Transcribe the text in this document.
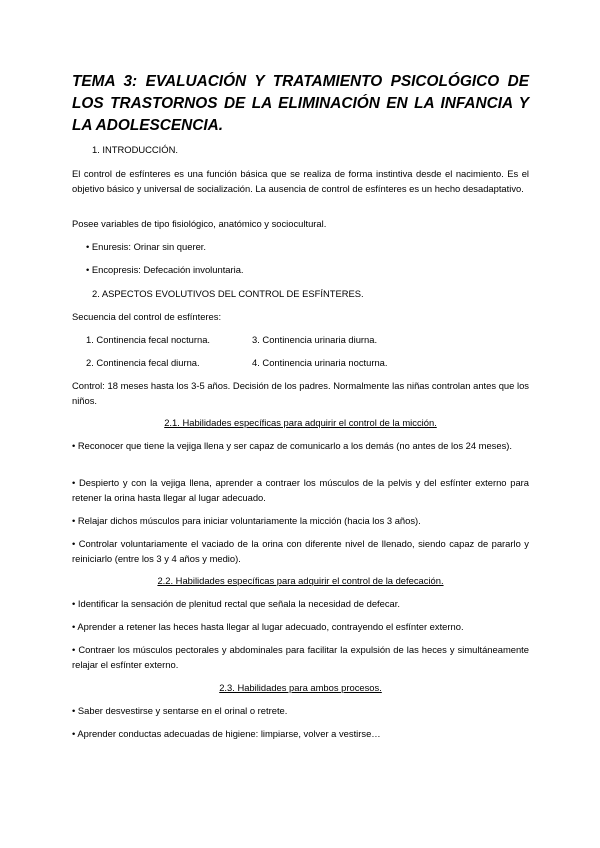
TEMA 3: EVALUACIÓN Y TRATAMIENTO PSICOLÓGICO DE LOS TRASTORNOS DE LA ELIMINACIÓN EN LA INFANCIA Y LA ADOLESCENCIA.
1. INTRODUCCIÓN.
El control de esfínteres es una función básica que se realiza de forma instintiva desde el nacimiento. Es el objetivo básico y universal de socialización. La ausencia de control de esfínteres es un hecho desadaptativo.
Posee variables de tipo fisiológico, anatómico y sociocultural.
• Enuresis: Orinar sin querer.
• Encopresis: Defecación involuntaria.
2. ASPECTOS EVOLUTIVOS DEL CONTROL DE ESFÍNTERES.
Secuencia del control de esfínteres:
1. Continencia fecal nocturna.	3. Continencia urinaria diurna.
2. Continencia fecal diurna.	4. Continencia urinaria nocturna.
Control: 18 meses hasta los 3-5 años. Decisión de los padres. Normalmente las niñas controlan antes que los niños.
2.1. Habilidades específicas para adquirir el control de la micción.
• Reconocer que tiene la vejiga llena y ser capaz de comunicarlo a los demás (no antes de los 24 meses).
• Despierto y con la vejiga llena, aprender a contraer los músculos de la pelvis y del esfínter externo para retener la orina hasta llegar al lugar adecuado.
• Relajar dichos músculos para iniciar voluntariamente la micción (hacia los 3 años).
• Controlar voluntariamente el vaciado de la orina con diferente nivel de llenado, siendo capaz de pararlo y reiniciarlo (entre los 3 y 4 años y medio).
2.2. Habilidades específicas para adquirir el control de la defecación.
• Identificar la sensación de plenitud rectal que señala la necesidad de defecar.
• Aprender a retener las heces hasta llegar al lugar adecuado, contrayendo el esfínter externo.
• Contraer los músculos pectorales y abdominales para facilitar la expulsión de las heces y simultáneamente relajar el esfínter externo.
2.3. Habilidades para ambos procesos.
• Saber desvestirse y sentarse en el orinal o retrete.
• Aprender conductas adecuadas de higiene: limpiarse, volver a vestirse…
